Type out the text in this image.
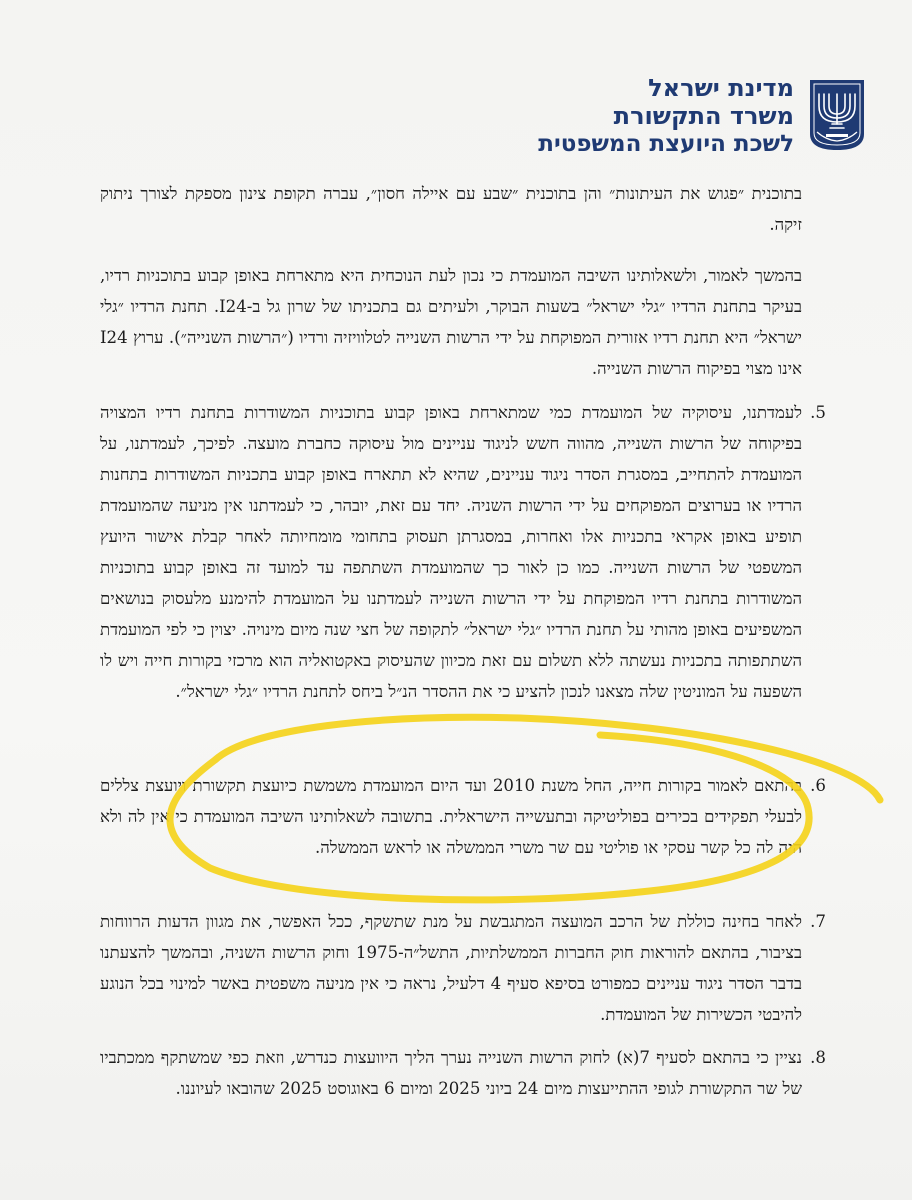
מדינת ישראל
משרד התקשורת
לשכת היועצת המשפטית
בתוכנית ״פגוש את העיתונות״ והן בתוכנית ״שבע עם איילה חסון״, עברה תקופת צינון מספקת לצורך ניתוק זיקה.
בהמשך לאמור, ולשאלותינו השיבה המועמדת כי נכון לעת הנוכחית היא מתארחת באופן קבוע בתוכניות רדיו, בעיקר בתחנת הרדיו ״גלי ישראל״ בשעות הבוקר, ולעיתים גם בתכניתו של שרון גל ב-I24. תחנת הרדיו ״גלי ישראל״ היא תחנת רדיו אזורית המפוקחת על ידי הרשות השנייה לטלוויזיה ורדיו (״הרשות השנייה״). ערוץ I24 אינו מצוי בפיקוח הרשות השנייה.
.5
לעמדתנו, עיסוקיה של המועמדת כמי שמתארחת באופן קבוע בתוכניות המשודרות בתחנת רדיו המצויה בפיקוחה של הרשות השנייה, מהווה חשש לניגוד עניינים מול עיסוקה כחברת מועצה. לפיכך, לעמדתנו, על המועמדת להתחייב, במסגרת הסדר ניגוד עניינים, שהיא לא תתארח באופן קבוע בתכניות המשודרות בתחנות הרדיו או בערוצים המפוקחים על ידי הרשות השניה. יחד עם זאת, יובהר, כי לעמדתנו אין מניעה שהמועמדת תופיע באופן אקראי בתכניות אלו ואחרות, במסגרתן תעסוק בתחומי מומחיותה לאחר קבלת אישור היועץ המשפטי של הרשות השנייה. כמו כן לאור כך שהמועמדת השתתפה עד למועד זה באופן קבוע בתוכניות המשודרות בתחנת רדיו המפוקחת על ידי הרשות השנייה לעמדתנו על המועמדת להימנע מלעסוק בנושאים המשפיעים באופן מהותי על תחנת הרדיו ״גלי ישראל״ לתקופה של חצי שנה מיום מינויה. יצוין כי לפי המועמדת השתתפותה בתכניות נעשתה ללא תשלום עם זאת מכיוון שהעיסוק באקטואליה הוא מרכזי בקורות חייה ויש לו השפעה על המוניטין שלה מצאנו לנכון להציע כי את ההסדר הנ״ל ביחס לתחנת הרדיו ״גלי ישראל״.
.6
בהתאם לאמור בקורות חייה, החל משנת 2010 ועד היום המועמדת משמשת כיועצת תקשורת ויועצת צללים לבעלי תפקידים בכירים בפוליטיקה ובתעשייה הישראלית. בתשובה לשאלותינו השיבה המועמדת כי אין לה ולא היה לה כל קשר עסקי או פוליטי עם שר משרי הממשלה או לראש הממשלה.
.7
לאחר בחינה כוללת של הרכב המועצה המתגבשת על מנת שתשקף, ככל האפשר, את מגוון הדעות הרווחות בציבור, בהתאם להוראות חוק החברות הממשלתיות, התשל״ה-1975 וחוק הרשות השניה, ובהמשך להצעתנו בדבר הסדר ניגוד עניינים כמפורט בסיפא סעיף 4 דלעיל, נראה כי אין מניעה משפטית באשר למינוי בכל הנוגע להיבטי הכשירות של המועמדת.
.8
נציין כי בהתאם לסעיף 7(א) לחוק הרשות השנייה נערך הליך היוועצות כנדרש, וזאת כפי שמשתקף ממכתביו של שר התקשורת לגופי ההתייעצות מיום 24 ביוני 2025 ומיום 6 באוגוסט 2025 שהובאו לעיוננו.
